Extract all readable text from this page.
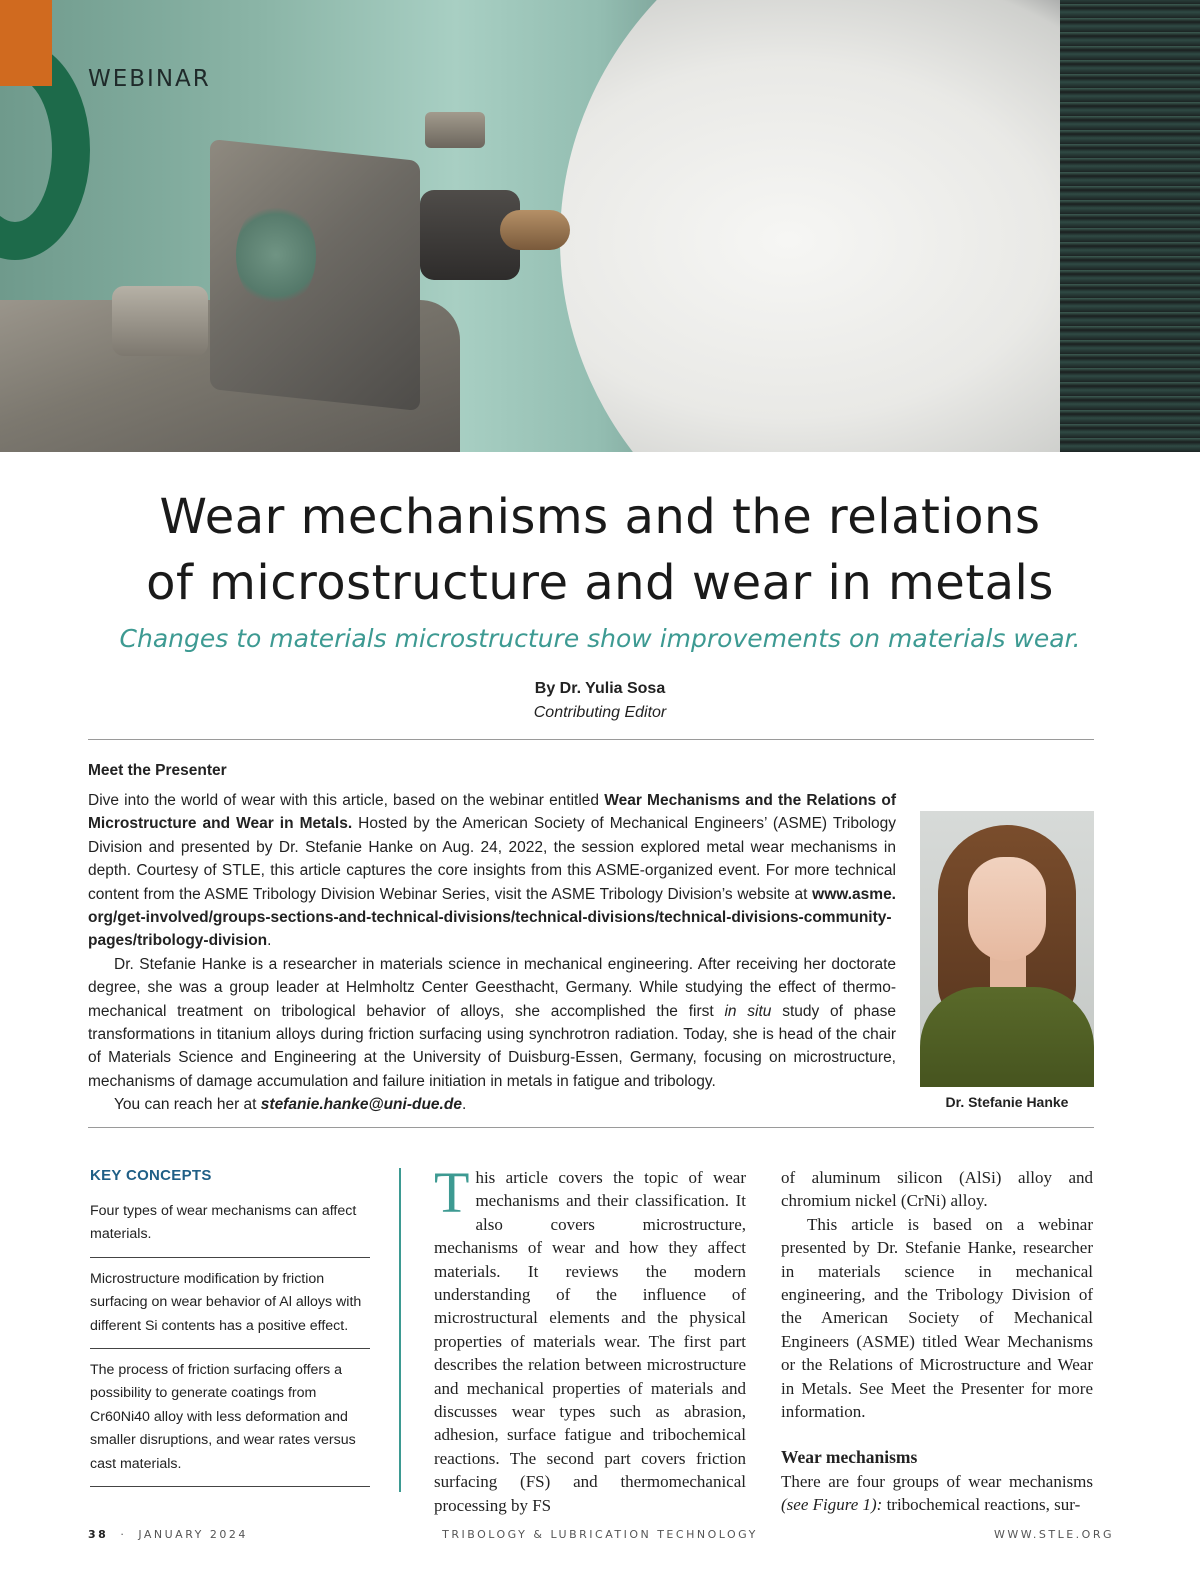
WEBINAR
Wear mechanisms and the relations
of microstructure and wear in metals

Changes to materials microstructure show improvements on materials wear.

By Dr. Yulia Sosa
Contributing Editor
Meet the Presenter

Dive into the world of wear with this article, based on the webinar entitled Wear Mechanisms and the Relations of Microstructure and Wear in Metals. Hosted by the American Society of Mechanical Engineers’ (ASME) Tribology Division and presented by Dr. Stefanie Hanke on Aug. 24, 2022, the session explored metal wear mechanisms in depth. Courtesy of STLE, this article captures the core insights from this ASME-organized event. For more technical content from the ASME Tribology Division Webinar Series, visit the ASME Tribology Division’s website at www.asme.org/get-involved/groups-sections-and-technical-divisions/technical-divisions/technical-divisions-community-pages/tribology-division.

Dr. Stefanie Hanke is a researcher in materials science in mechanical engineering. After receiving her doctorate degree, she was a group leader at Helmholtz Center Geesthacht, Germany. While studying the effect of thermo-mechanical treatment on tribological behavior of alloys, she accomplished the first in situ study of phase transformations in titanium alloys during friction surfacing using synchrotron radiation. Today, she is head of the chair of Materials Science and Engineering at the University of Duisburg-Essen, Germany, focusing on microstructure, mechanisms of damage accumulation and failure initiation in metals in fatigue and tribology.

You can reach her at stefanie.hanke@uni-due.de.	Dr. Stefanie Hanke
KEY CONCEPTS
Four types of wear mechanisms can affect materials.
Microstructure modification by friction surfacing on wear behavior of Al alloys with different Si contents has a positive effect.
The process of friction surfacing offers a possibility to generate coatings from Cr60Ni40 alloy with less deformation and smaller disruptions, and wear rates versus cast materials.

This article covers the topic of wear mechanisms and their classification. It also covers microstructure, mechanisms of wear and how they affect materials. It reviews the modern understanding of the influence of microstructural elements and the physical properties of materials wear. The first part describes the relation between microstructure and mechanical properties of materials and discusses wear types such as abrasion, adhesion, surface fatigue and tribochemical reactions. The second part covers friction surfacing (FS) and thermomechanical processing by FS

of aluminum silicon (AlSi) alloy and chromium nickel (CrNi) alloy.

This article is based on a webinar presented by Dr. Stefanie Hanke, researcher in materials science in mechanical engineering, and the Tribology Division of the American Society of Mechanical Engineers (ASME) titled Wear Mechanisms or the Relations of Microstructure and Wear in Metals. See Meet the Presenter for more information.

Wear mechanisms

There are four groups of wear mechanisms (see Figure 1): tribochemical reactions, sur-

38 · JANUARY 2024	TRIBOLOGY & LUBRICATION TECHNOLOGY	WWW.STLE.ORG
